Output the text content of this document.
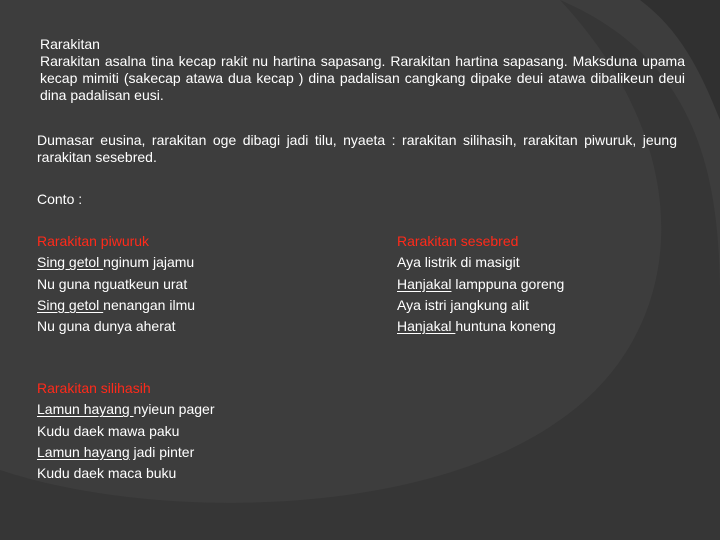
Rarakitan
Rarakitan asalna tina kecap rakit nu hartina sapasang. Rarakitan hartina sapasang. Maksduna upama kecap mimiti (sakecap atawa dua kecap ) dina padalisan cangkang dipake deui atawa dibalikeun deui dina padalisan eusi.
Dumasar eusina, rarakitan oge dibagi jadi tilu, nyaeta : rarakitan silihasih, rarakitan piwuruk, jeung rarakitan sesebred.
Conto :
Rarakitan piwuruk
Sing getol nginum jajamu
Nu guna nguatkeun urat
Sing getol nenangan ilmu
Nu guna dunya aherat
Rarakitan sesebred
Aya listrik di masigit
Hanjakal lamppuna goreng
Aya istri jangkung alit
Hanjakal huntuna koneng
Rarakitan silihasih
Lamun hayang nyieun pager
Kudu daek mawa paku
Lamun hayang jadi pinter
Kudu daek maca buku
